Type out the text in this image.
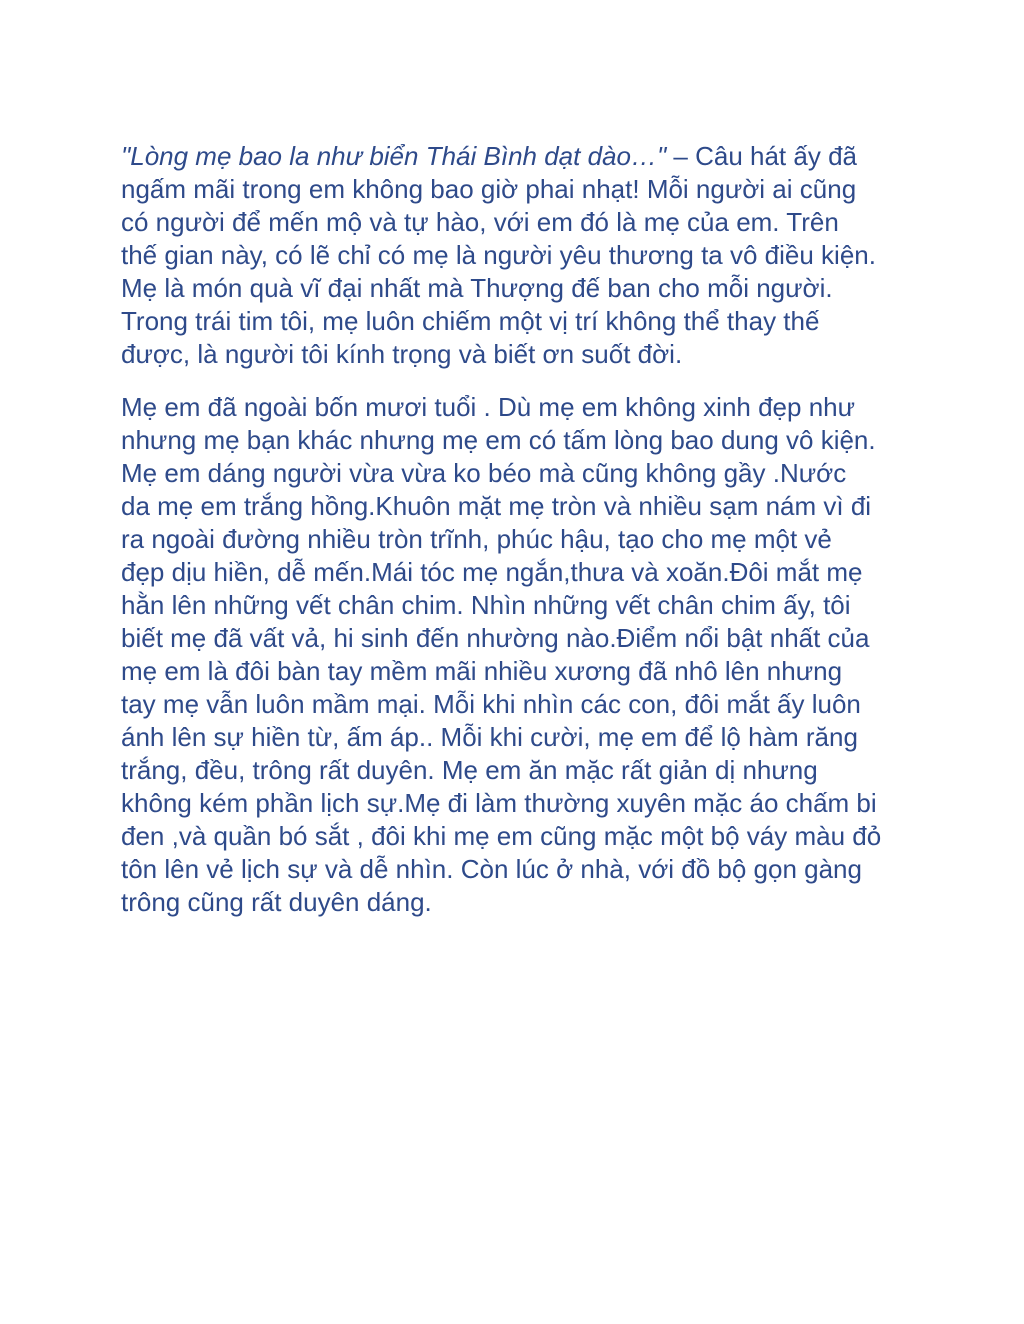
"Lòng mẹ bao la như biển Thái Bình dạt dào…" – Câu hát ấy đã
ngấm mãi trong em không bao giờ phai nhạt! Mỗi người ai cũng
có người để mến mộ và tự hào, với em đó là mẹ của em. Trên
thế gian này, có lẽ chỉ có mẹ là người yêu thương ta vô điều kiện.
Mẹ là món quà vĩ đại nhất mà Thượng đế ban cho mỗi người.
Trong trái tim tôi, mẹ luôn chiếm một vị trí không thể thay thế
được, là người tôi kính trọng và biết ơn suốt đời.

Mẹ em đã ngoài bốn mươi tuổi . Dù mẹ em không xinh đẹp như
nhưng mẹ bạn khác nhưng mẹ em có tấm lòng bao dung vô kiện.
Mẹ em dáng người vừa vừa ko béo mà cũng không gầy .Nước
da mẹ em trắng hồng.Khuôn mặt mẹ tròn và nhiều sạm nám vì đi
ra ngoài đường nhiều tròn trĩnh, phúc hậu, tạo cho mẹ một vẻ
đẹp dịu hiền, dễ mến.Mái tóc mẹ ngắn,thưa và xoăn.Đôi mắt mẹ
hằn lên những vết chân chim. Nhìn những vết chân chim ấy, tôi
biết mẹ đã vất vả, hi sinh đến nhường nào.Điểm nổi bật nhất của
mẹ em là đôi bàn tay mềm mãi nhiều xương đã nhô lên nhưng
tay mẹ vẫn luôn mầm mại. Mỗi khi nhìn các con, đôi mắt ấy luôn
ánh lên sự hiền từ, ấm áp.. Mỗi khi cười, mẹ em để lộ hàm răng
trắng, đều, trông rất duyên. Mẹ em ăn mặc rất giản dị nhưng
không kém phần lịch sự.Mẹ đi làm thường xuyên mặc áo chấm bi
đen ,và quần bó sắt , đôi khi mẹ em cũng mặc một bộ váy màu đỏ
tôn lên vẻ lịch sự và dễ nhìn. Còn lúc ở nhà, với đồ bộ gọn gàng
trông cũng rất duyên dáng.
